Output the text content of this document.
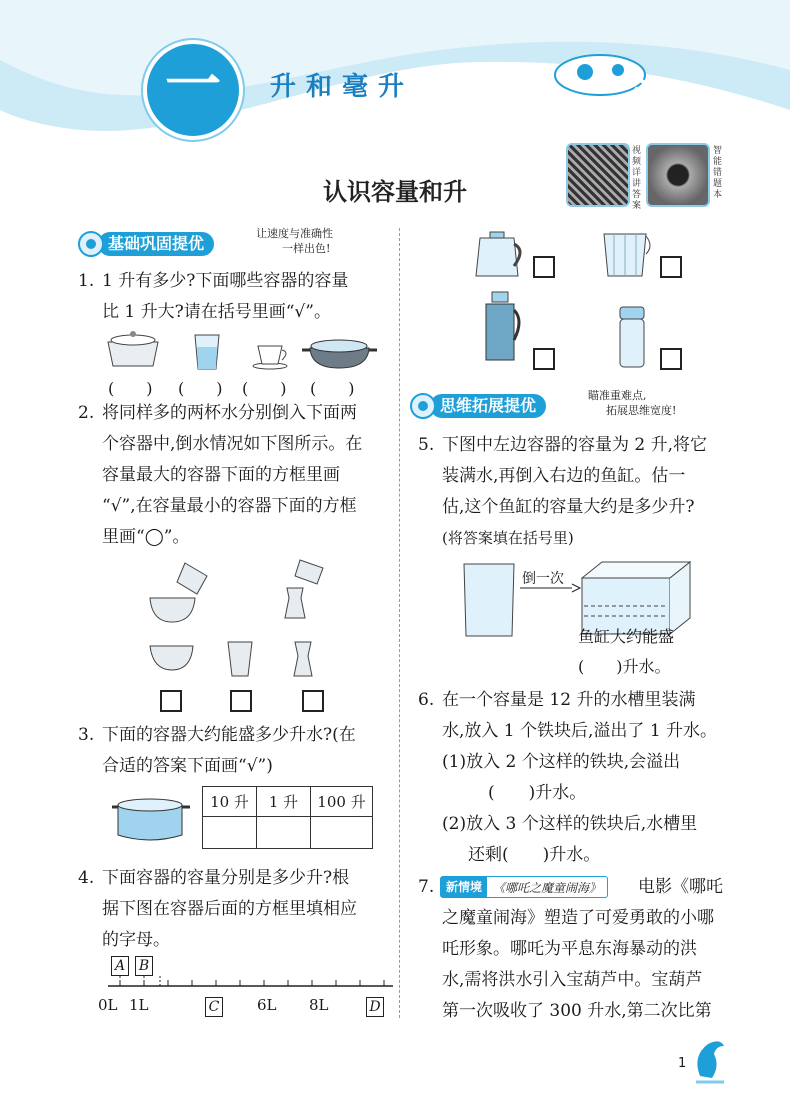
一 升和毫升
认识容量和升
视频详讲答案
智能错题本
基础巩固提优
让速度与准确性
一样出色!
1. 1 升有多少?下面哪些容器的容量
比 1 升大?请在括号里画“√”。
(　　) (　　) (　　) (　　)
2. 将同样多的两杯水分别倒入下面两
个容器中,倒水情况如下图所示。在
容量最大的容器下面的方框里画
“√”,在容量最小的容器下面的方框
里画“◯”。
3. 下面的容器大约能盛多少升水?(在
合适的答案下面画“√”)
10 升	1 升	100 升

4. 下面容器的容量分别是多少升?根
据下图在容器后面的方框里填相应
的字母。
A B
0L 1L	C	6L 8L	D
思维拓展提优
瞄准重难点,
拓展思维宽度!
5. 下图中左边容器的容量为 2 升,将它
装满水,再倒入右边的鱼缸。估一
估,这个鱼缸的容量大约是多少升?
(将答案填在括号里)
倒一次
鱼缸大约能盛
(　　)升水。
6. 在一个容量是 12 升的水槽里装满
水,放入 1 个铁块后,溢出了 1 升水。
(1)放入 2 个这样的铁块,会溢出
(　　)升水。
(2)放入 3 个这样的铁块后,水槽里
还剩(　　)升水。
7. 新情境 《哪吒之魔童闹海》	电影《哪吒
之魔童闹海》塑造了可爱勇敢的小哪
吒形象。哪吒为平息东海暴动的洪
水,需将洪水引入宝葫芦中。宝葫芦
第一次吸收了 300 升水,第二次比第
1
